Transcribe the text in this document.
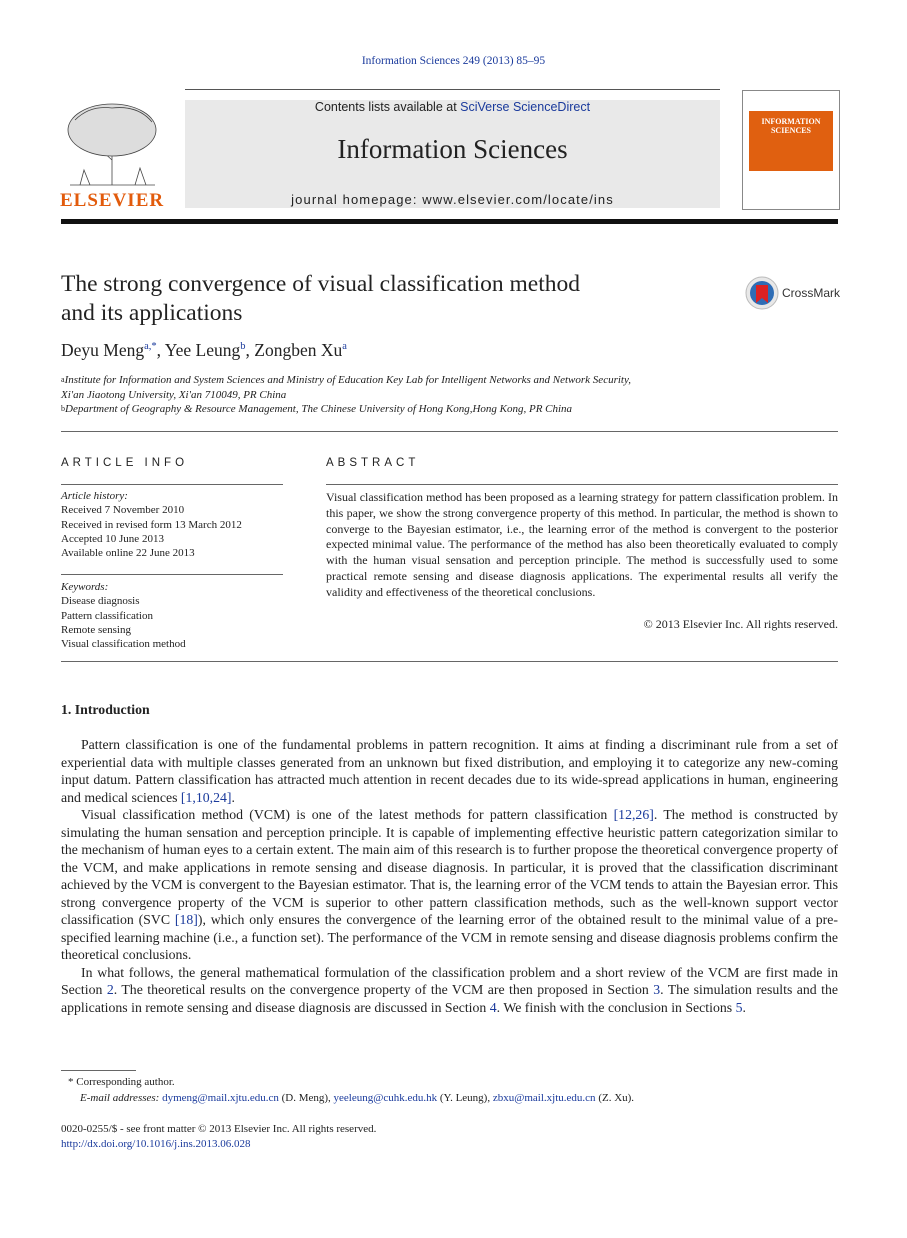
Information Sciences 249 (2013) 85–95
ELSEVIER
Contents lists available at SciVerse ScienceDirect
Information Sciences
journal homepage: www.elsevier.com/locate/ins
INFORMATION SCIENCES
The strong convergence of visual classification method
and its applications
CrossMark
Deyu Meng$^{a,*}$, Yee Leung$^b$, Zongben Xu$^a$
$^a$Institute for Information and System Sciences and Ministry of Education Key Lab for Intelligent Networks and Network Security,
Xi'an Jiaotong University, Xi'an 710049, PR China
$^b$Department of Geography & Resource Management, The Chinese University of Hong Kong,Hong Kong, PR China
ARTICLE INFO
Article history:
Received 7 November 2010
Received in revised form 13 March 2012
Accepted 10 June 2013
Available online 22 June 2013
Keywords:
Disease diagnosis
Pattern classification
Remote sensing
Visual classification method
ABSTRACT
Visual classification method has been proposed as a learning strategy for pattern classification problem. In this paper, we show the strong convergence property of this method. In particular, the method is shown to converge to the Bayesian estimator, i.e., the learning error of the method is convergent to the posterior expected minimal value. The performance of the method has also been theoretically evaluated to comply with the human visual sensation and perception principle. The method is successfully used to some practical remote sensing and disease diagnosis applications. The experimental results all verify the validity and effectiveness of the theoretical conclusions.
© 2013 Elsevier Inc. All rights reserved.
1. Introduction

Pattern classification is one of the fundamental problems in pattern recognition. It aims at finding a discriminant rule from a set of experiential data with multiple classes generated from an unknown but fixed distribution, and employing it to categorize any new-coming input datum. Pattern classification has attracted much attention in recent decades due to its wide-spread applications in human, engineering and medical sciences [1,10,24].

Visual classification method (VCM) is one of the latest methods for pattern classification [12,26]. The method is constructed by simulating the human sensation and perception principle. It is capable of implementing effective heuristic pattern categorization similar to the mechanism of human eyes to a certain extent. The main aim of this research is to further propose the theoretical convergence property of the VCM, and make applications in remote sensing and disease diagnosis. In particular, it is proved that the classification discriminant achieved by the VCM is convergent to the Bayesian estimator. That is, the learning error of the VCM tends to attain the Bayesian error. This strong convergence property of the VCM is superior to other pattern classification methods, such as the well-known support vector classification (SVC [18]), which only ensures the convergence of the learning error of the obtained result to the minimal value of a pre-specified learning machine (i.e., a function set). The performance of the VCM in remote sensing and disease diagnosis problems confirm the theoretical conclusions.

In what follows, the general mathematical formulation of the classification problem and a short review of the VCM are first made in Section 2. The theoretical results on the convergence property of the VCM are then proposed in Section 3. The simulation results and the applications in remote sensing and disease diagnosis are discussed in Section 4. We finish with the conclusion in Sections 5.

* Corresponding author.
E-mail addresses: dymeng@mail.xjtu.edu.cn (D. Meng), yeeleung@cuhk.edu.hk (Y. Leung), zbxu@mail.xjtu.edu.cn (Z. Xu).
0020-0255/$ - see front matter © 2013 Elsevier Inc. All rights reserved.
http://dx.doi.org/10.1016/j.ins.2013.06.028
